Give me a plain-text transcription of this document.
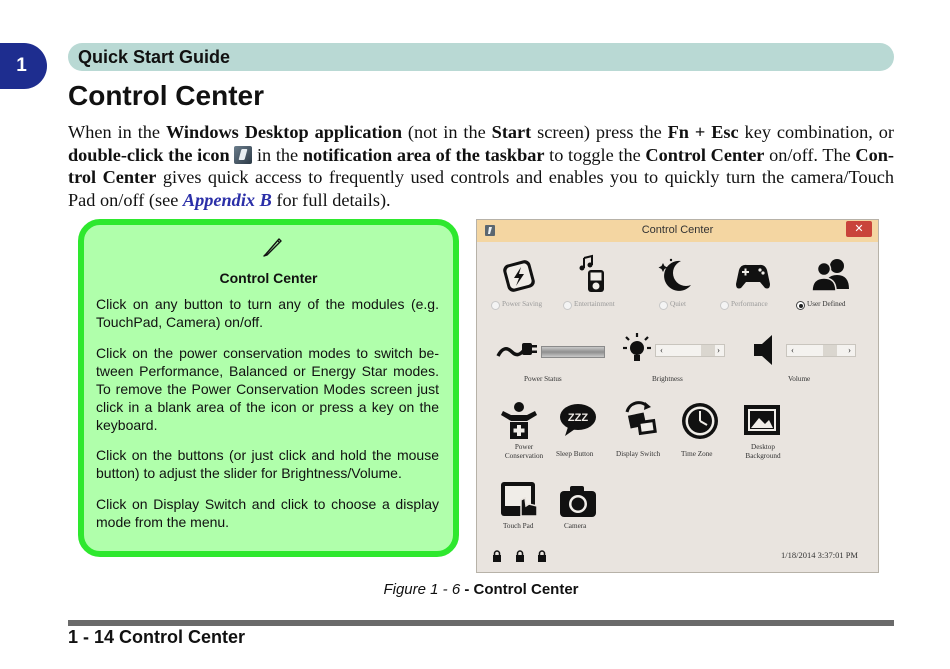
1	Quick Start Guide
Control Center

When in the Windows Desktop application (not in the Start screen) press the Fn + Esc key combination, or double-click the icon  in the notification area of the taskbar to toggle the Control Center on/off. The Con-trol Center gives quick access to frequently used controls and enables you to quickly turn the camera/Touch Pad on/off (see Appendix B for full details).

Control Center

Click on any button to turn any of the modules (e.g. TouchPad, Camera) on/off.

Click on the power conservation modes to switch be-tween Performance, Balanced or Energy Star modes. To remove the Power Conservation Modes screen just click in a blank area of the icon or press a key on the keyboard.

Click on the buttons (or just click and hold the mouse button) to adjust the slider for Brightness/Volume.

Click on Display Switch and click to choose a display mode from the menu.

Control Center	✕
Power Saving	Entertainment	Quiet	Performance	User Defined
Power Status
‹	›
Brightness
‹	›
Volume
Power Conservation
ZZZ
Sleep Button	Display Switch	Time Zone
Desktop Background
Touch Pad	Camera
1/18/2014 3:37:01 PM
Figure 1 - 6 - Control Center
1 - 14 Control Center
